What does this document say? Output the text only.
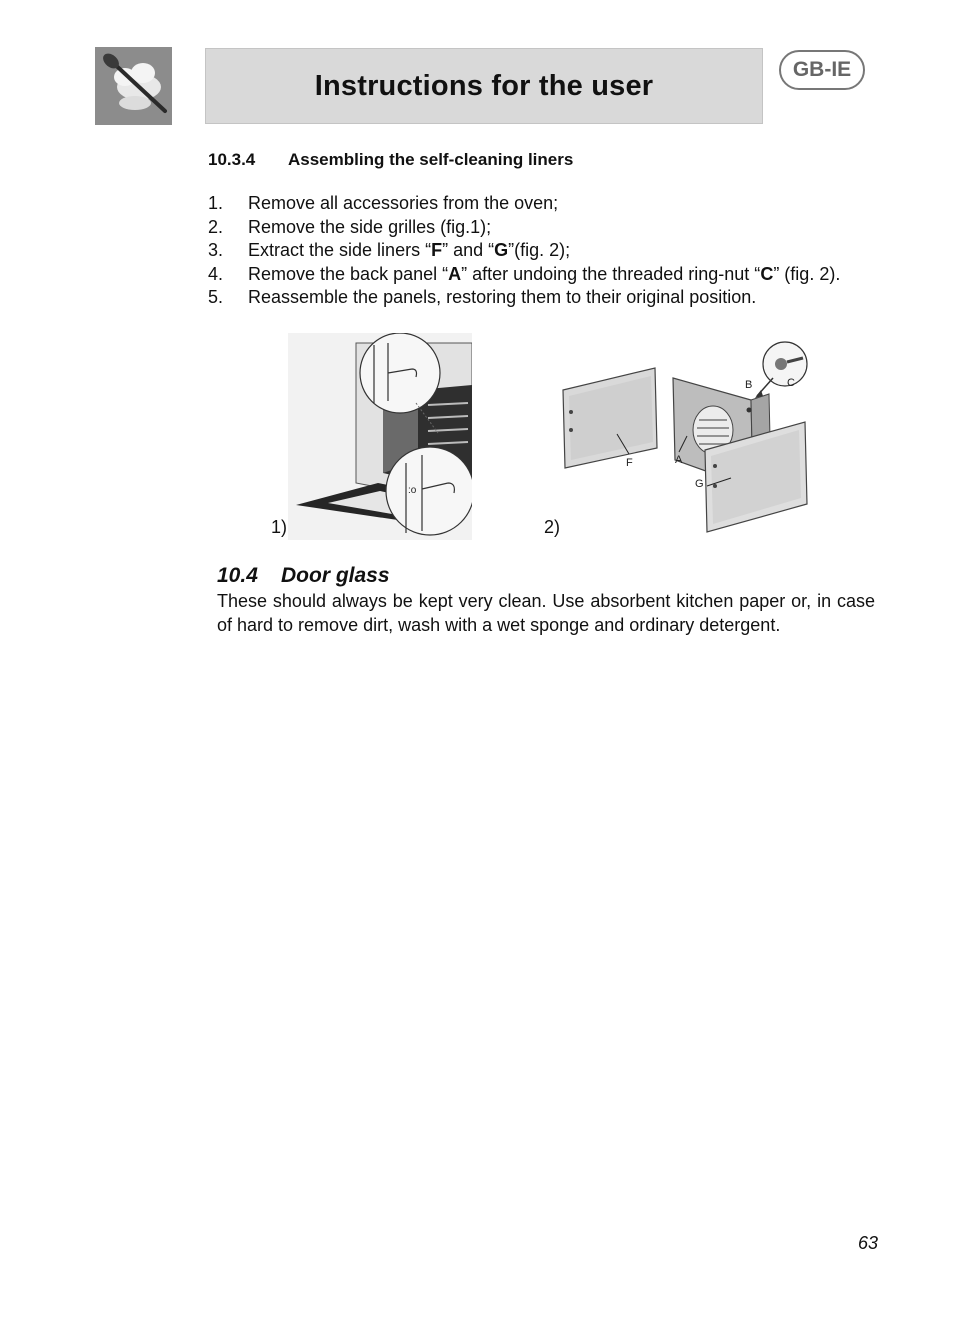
Instructions for the user	GB-IE
10.3.4 Assembling the self-cleaning liners
1.	Remove all accessories from the oven;
2.	Remove the side grilles (fig.1);
3.	Extract the side liners “F” and “G”(fig. 2);
4.	Remove the back panel “A” after undoing the threaded ring-nut “C” (fig. 2).
5.	Reassemble the panels, restoring them to their original position.
:o
1)
B	C
F	A
G
2)
10.4 Door glass

These should always be kept very clean. Use absorbent kitchen paper or, in case of hard to remove dirt, wash with a wet sponge and ordinary detergent.

63
